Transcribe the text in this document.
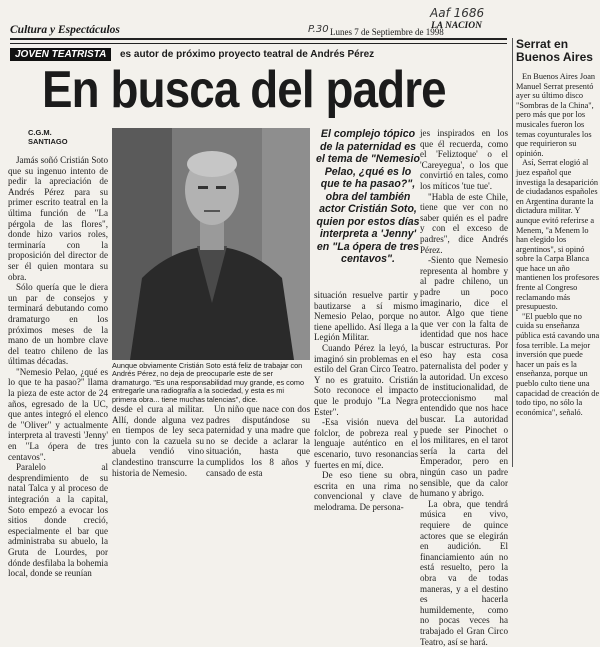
Cultura y Espectáculos	P.30 Lunes 7 de Septiembre de 1998
Aaf 1686
LA NACION
JOVEN TEATRISTA	es autor de próximo proyecto teatral de Andrés Pérez
En busca del padre
C.G.M.
SANTIAGO

Jamás soñó Cristián Soto que su ingenuo intento de pedir la apreciación de Andrés Pérez para su primer escrito teatral en la última función de "La pérgola de las flores", donde hizo varios roles, terminaría con la proposición del director de ser él quien montara su obra.

Sólo quería que le diera un par de consejos y terminará debutando como dramaturgo en los próximos meses de la mano de un hombre clave del teatro chileno de las últimas décadas.

"Nemesio Pelao, ¿qué es lo que te ha pasao?" llama la pieza de este actor de 24 años, egresado de la UC, que antes integró el elenco de "Oliver" y actualmente interpreta al travesti 'Jenny' en "La ópera de tres centavos".

Paralelo al desprendimiento de su natal Talca y al proceso de integración a la capital, Soto empezó a evocar los sitios donde creció, especialmente el bar que administraba su abuelo, la Gruta de Lourdes, por dónde desfilaba la bohemia local, donde se reunían

Aunque obviamente Cristián Soto está feliz de trabajar con Andrés Pérez, no deja de preocuparle este de ser dramaturgo. "Es una responsabilidad muy grande, es como entregarle una radiografía a la sociedad, y esta es mi primera obra... tiene muchas talencias", dice.

desde el cura al militar. Allí, donde alguna vez en tiempos de ley seca junto con la cazuela su abuela vendió vino clandestino transcurre la historia de Nemesio.

Un niño que nace con dos padres disputándose su paternidad y una madre que no se decide a aclarar la situación, hasta que cumplidos los 8 años y cansado de esta

El complejo tópico de la paternidad es el tema de "Nemesio Pelao, ¿qué es lo que te ha pasao?", obra del también actor Cristián Soto, quien por estos días interpreta a 'Jenny' en "La ópera de tres centavos".

situación resuelve partir y bautizarse a sí mismo Nemesio Pelao, porque no tiene apellido. Así llega a la Legión Militar.

Cuando Pérez la leyó, la imaginó sin problemas en el estilo del Gran Circo Teatro. Y no es gratuito. Cristián Soto reconoce el impacto que le produjo "La Negra Ester".

-Esa visión nueva del folclor, de pobreza real y lenguaje auténtico en el escenario, tuvo resonancias fuertes en mí, dice.

De eso tiene su obra, escrita en una rima no convencional y clave de melodrama. De persona-

jes inspirados en los que él recuerda, como el 'Feliztoque' o el 'Careyegua', o los que convirtió en tales, como los míticos 'tue tue'.

"Habla de este Chile, tiene que ver con no saber quién es el padre y con el exceso de padres", dice Andrés Pérez.

-Siento que Nemesio representa al hombre y al padre chileno, un padre un poco imaginario, dice el autor. Algo que tiene que ver con la falta de identidad que nos hace buscar estructuras. Por eso hay esta cosa paternalista del poder y la autoridad. Un exceso de institucionalidad, de proteccionismo mal entendido que nos hace buscar. La autoridad puede ser Pinochet o los militares, en el tarot sería la carta del Emperador, pero en ningún caso un padre sensible, que da calor humano y abrigo.

La obra, que tendrá música en vivo, requiere de quince actores que se elegirán en audición. El financiamiento aún no está resuelto, pero la obra va de todas maneras, y a el destino es hacerla humildemente, como no pocas veces ha trabajado el Gran Circo Teatro, así se hará.

Serrat en Buenos Aires

En Buenos Aires Joan Manuel Serrat presentó ayer su último disco "Sombras de la China", pero más que por los musicales fueron los temas coyunturales los que requirieron su opinión.

Así, Serrat elogió al juez español que investiga la desaparición de ciudadanos españoles en Argentina durante la dictadura militar. Y aunque evitó referirse a Menem, "a Menem lo han elegido los argentinos", si opinó sobre la Carpa Blanca que hace un año mantienen los profesores frente al Congreso reclamando más presupuesto.

"El pueblo que no cuida su enseñanza pública está cavando una fosa terrible. La mejor inversión que puede hacer un país es la enseñanza, porque un pueblo culto tiene una capacidad de creación de todo tipo, no sólo la económica", señaló.
